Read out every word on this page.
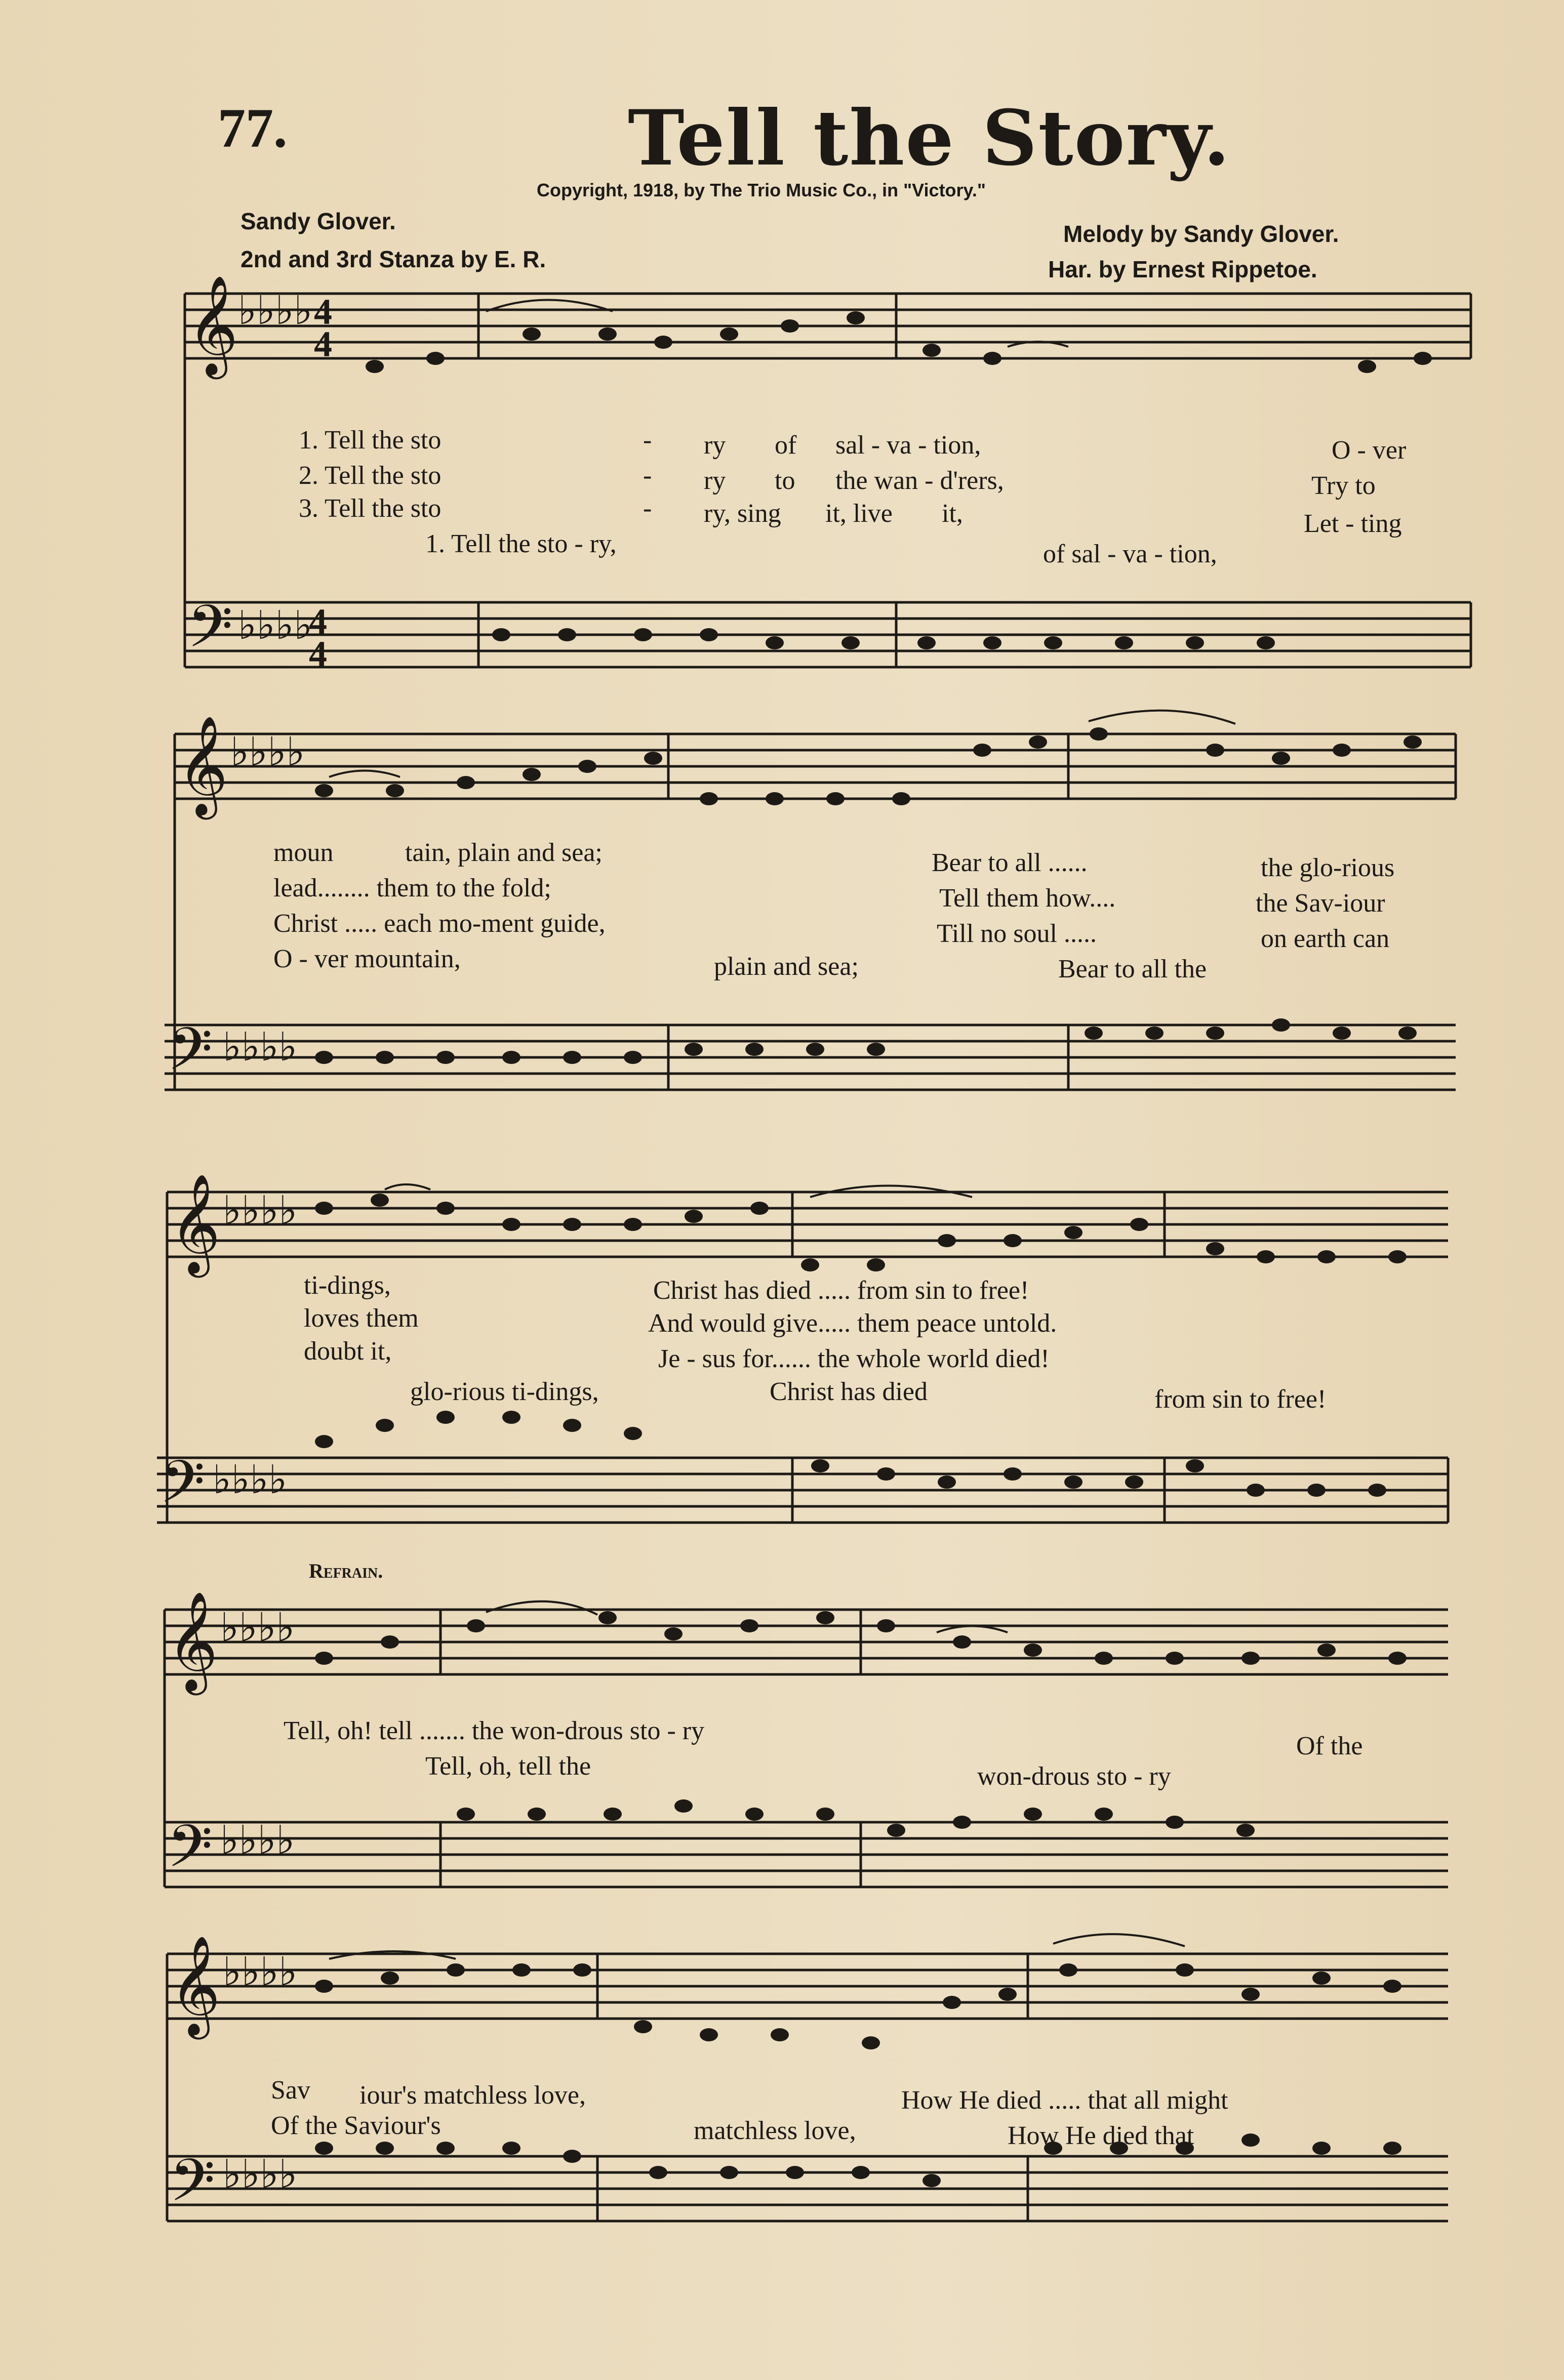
𝄞
𝄢
𝄞
𝄢
𝄞
𝄢
𝄞
𝄢
𝄞
𝄢
♭♭♭♭
♭♭♭♭
♭♭♭♭
♭♭♭♭
♭♭♭♭
♭♭♭♭
♭♭♭♭
♭♭♭♭
♭♭♭♭
♭♭♭♭
4
4
4
4
77.	Tell the Story.
Copyright, 1918, by The Trio Music Co., in "Victory."
Sandy Glover.
2nd and 3rd Stanza by E. R.
Melody by Sandy Glover.
Har. by Ernest Rippetoe.
1. Tell the sto	- ry of sal - va - tion,	O - ver
2. Tell the sto	- ry to the wan - d'rers,	Try to
3. Tell the sto	- ry, sing it, live it,	Let - ting
1. Tell the sto - ry,	of sal - va - tion,
moun	tain, plain and sea;	Bear to all ......	the glo-rious
lead........ them to the fold;	Tell them how....	the Sav-iour
Christ ..... each mo-ment guide,	Till no soul .....	on earth can
O - ver mountain,	plain and sea;	Bear to all the
ti-dings,	Christ has died ..... from sin to free!
loves them	And would give..... them peace untold.
doubt it,	Je - sus for...... the whole world died!
glo-rious ti-dings,	Christ has died	from sin to free!
Refrain.
Tell, oh! tell ....... the won-drous sto - ry
Of the
Tell, oh, tell the	won-drous sto - ry
Sav iour's matchless love,	How He died ..... that all might
Of the Saviour's	matchless love,	How He died that
